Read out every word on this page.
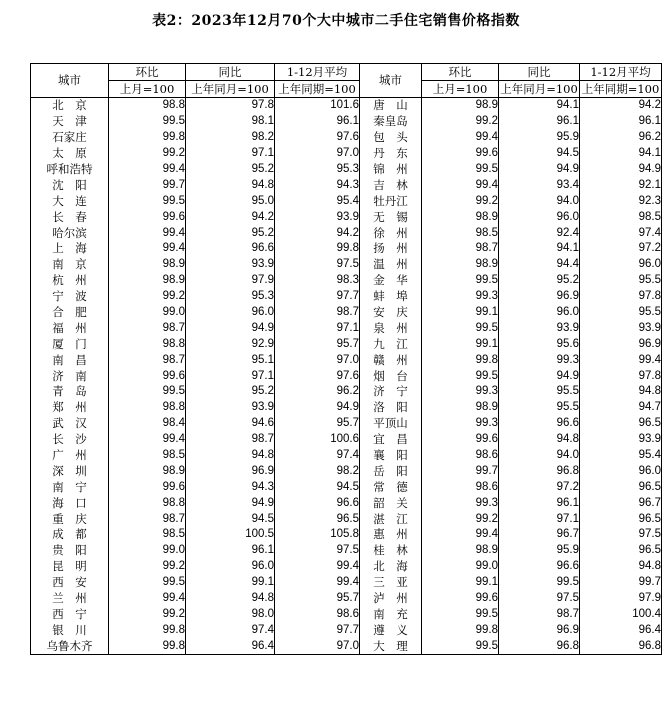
表2：2023年12月70个大中城市二手住宅销售价格指数
城市	环比	同比	1-12月平均	城市	环比	同比	1-12月平均
	上月=100	上年同月=100	上年同期=100		上月=100	上年同月=100	上年同期=100
北　京	98.8	97.8	101.6	唐　山	98.9	94.1	94.2
天　津	99.5	98.1	96.1	秦皇岛	99.2	96.1	96.1
石家庄	99.8	98.2	97.6	包　头	99.4	95.9	96.2
太　原	99.2	97.1	97.0	丹　东	99.6	94.5	94.1
呼和浩特	99.4	95.2	95.3	锦　州	99.5	94.9	94.9
沈　阳	99.7	94.8	94.3	吉　林	99.4	93.4	92.1
大　连	99.5	95.0	95.4	牡丹江	99.2	94.0	92.3
长　春	99.6	94.2	93.9	无　锡	98.9	96.0	98.5
哈尔滨	99.4	95.2	94.2	徐　州	98.5	92.4	97.4
上　海	99.4	96.6	99.8	扬　州	98.7	94.1	97.2
南　京	98.9	93.9	97.5	温　州	98.9	94.4	96.0
杭　州	98.9	97.9	98.3	金　华	99.5	95.2	95.5
宁　波	99.2	95.3	97.7	蚌　埠	99.3	96.9	97.8
合　肥	99.0	96.0	98.7	安　庆	99.1	96.0	95.5
福　州	98.7	94.9	97.1	泉　州	99.5	93.9	93.9
厦　门	98.8	92.9	95.7	九　江	99.1	95.6	96.9
南　昌	98.7	95.1	97.0	赣　州	99.8	99.3	99.4
济　南	99.6	97.1	97.6	烟　台	99.5	94.9	97.8
青　岛	99.5	95.2	96.2	济　宁	99.3	95.5	94.8
郑　州	98.8	93.9	94.9	洛　阳	98.9	95.5	94.7
武　汉	98.4	94.6	95.7	平顶山	99.3	96.6	96.5
长　沙	99.4	98.7	100.6	宜　昌	99.6	94.8	93.9
广　州	98.5	94.8	97.4	襄　阳	98.6	94.0	95.4
深　圳	98.9	96.9	98.2	岳　阳	99.7	96.8	96.0
南　宁	99.6	94.3	94.5	常　德	98.6	97.2	96.5
海　口	98.8	94.9	96.6	韶　关	99.3	96.1	96.7
重　庆	98.7	94.5	96.5	湛　江	99.2	97.1	96.5
成　都	98.5	100.5	105.8	惠　州	99.4	96.7	97.5
贵　阳	99.0	96.1	97.5	桂　林	98.9	95.9	96.5
昆　明	99.2	96.0	99.4	北　海	99.0	96.6	94.8
西　安	99.5	99.1	99.4	三　亚	99.1	99.5	99.7
兰　州	99.4	94.8	95.7	泸　州	99.6	97.5	97.9
西　宁	99.2	98.0	98.6	南　充	99.5	98.7	100.4
银　川	99.8	97.4	97.7	遵　义	99.8	96.9	96.4
乌鲁木齐	99.8	96.4	97.0	大　理	99.5	96.8	96.8
